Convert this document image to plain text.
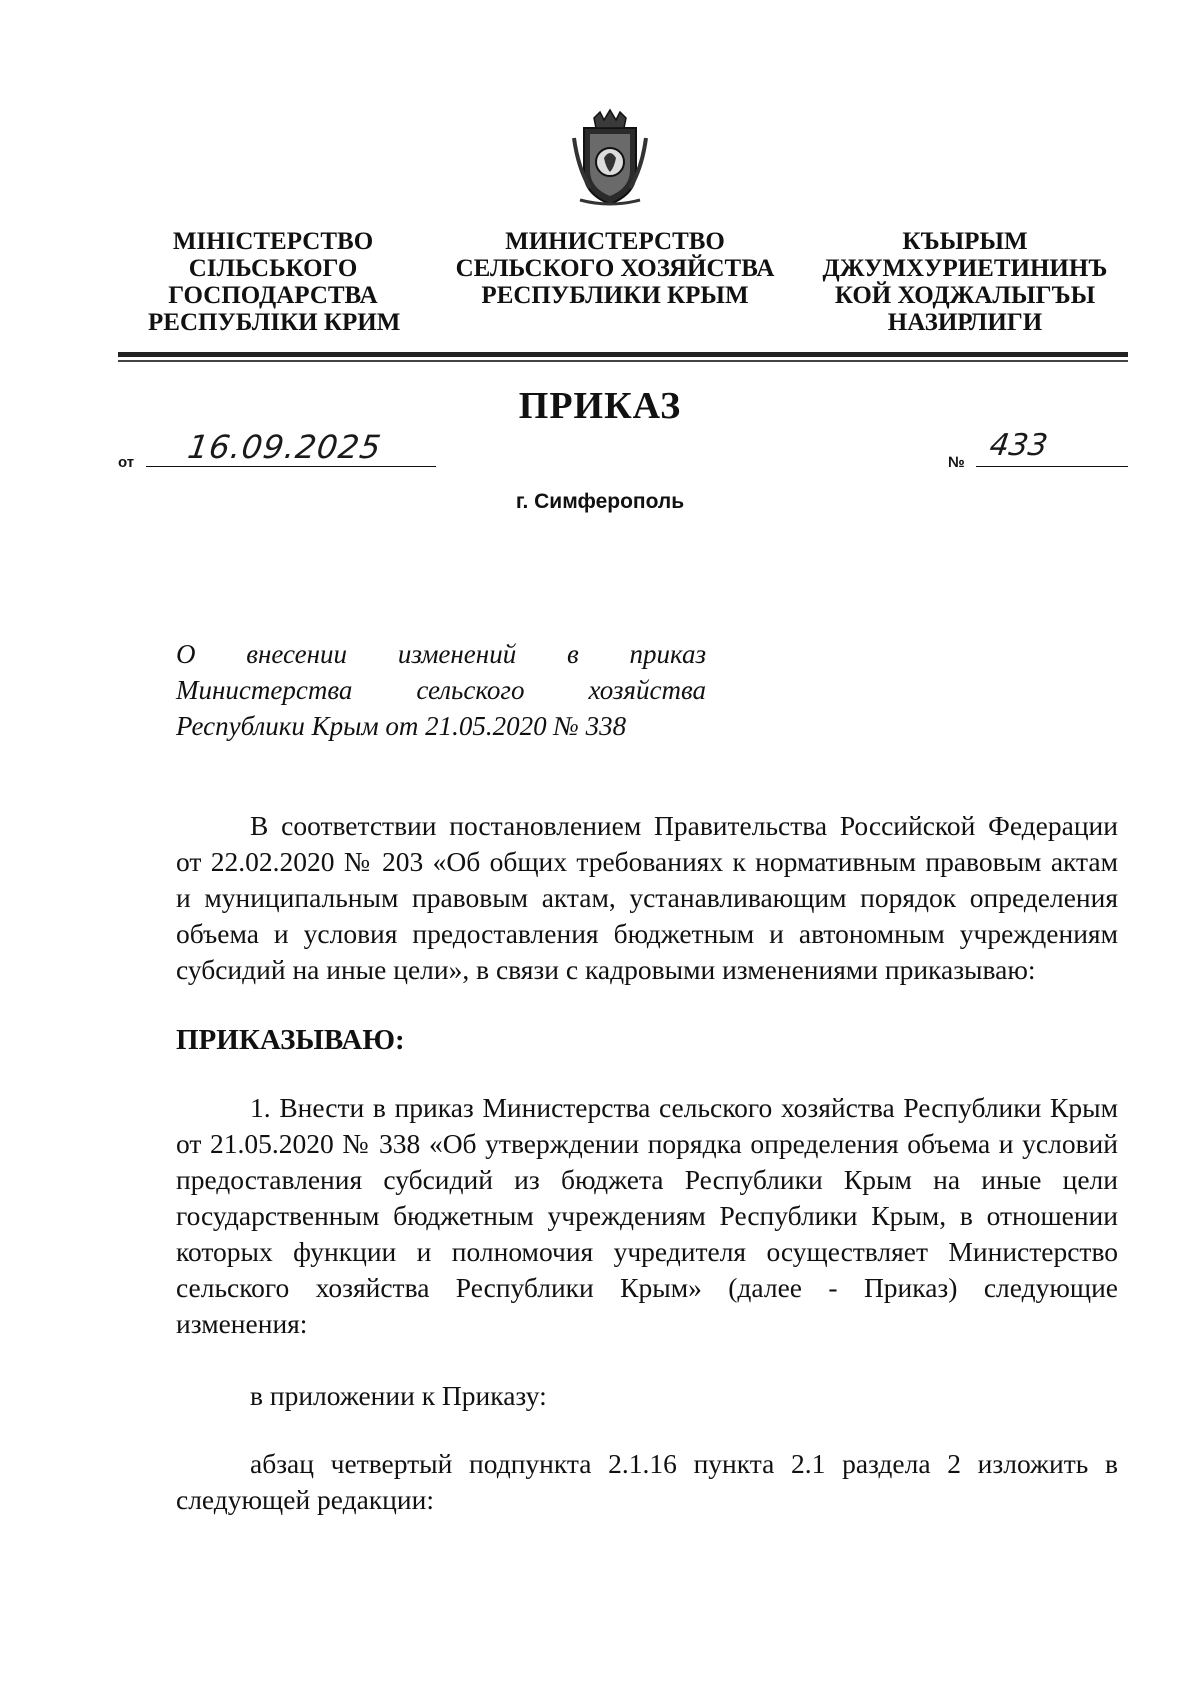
МІНІСТЕРСТВО
СІЛЬСЬКОГО
ГОСПОДАРСТВА
РЕСПУБЛІКИ КРИМ
МИНИСТЕРСТВО
СЕЛЬСКОГО ХОЗЯЙСТВА
РЕСПУБЛИКИ КРЫМ
КЪЫРЫМ
ДЖУМХУРИЕТИНИНЪ
КОЙ ХОДЖАЛЫГЪЫ
НАЗИРЛИГИ
ПРИКАЗ
от 16.09.2025	№ 433
г. Симферополь
О внесении изменений в приказ
Министерства сельского хозяйства
Республики Крым от 21.05.2020 № 338
В соответствии постановлением Правительства Российской Федерации
от 22.02.2020 № 203 «Об общих требованиях к нормативным правовым актам
и муниципальным правовым актам, устанавливающим порядок определения
объема и условия предоставления бюджетным и автономным учреждениям
субсидий на иные цели», в связи с кадровыми изменениями приказываю:
ПРИКАЗЫВАЮ:
1. Внести в приказ Министерства сельского хозяйства Республики Крым
от 21.05.2020 № 338 «Об утверждении порядка определения объема и условий
предоставления субсидий из бюджета Республики Крым на иные цели
государственным бюджетным учреждениям Республики Крым, в отношении
которых функции и полномочия учредителя осуществляет Министерство
сельского хозяйства Республики Крым» (далее - Приказ) следующие
изменения:
в приложении к Приказу:
абзац четвертый подпункта 2.1.16 пункта 2.1 раздела 2 изложить в
следующей редакции:
